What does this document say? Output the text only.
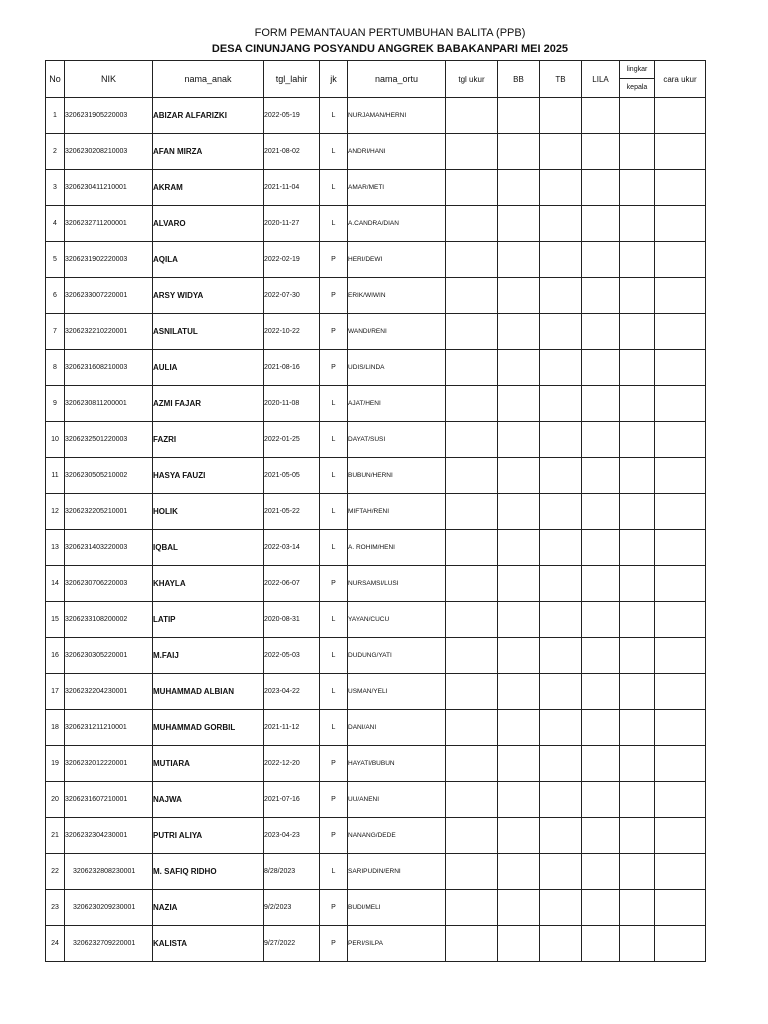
FORM PEMANTAUAN PERTUMBUHAN BALITA (PPB)
DESA CINUNJANG POSYANDU ANGGREK BABAKANPARI MEI 2025
No	NIK	nama_anak	tgl_lahir	jk	nama_ortu	tgl ukur	BB	TB	LILA	lingkar
kepala	cara ukur
1	3206231905220003	ABIZAR ALFARIZKI	2022-05-19	L	NURJAMAN/HERNI						
2	3206230208210003	AFAN MIRZA	2021-08-02	L	ANDRI/HANI						
3	3206230411210001	AKRAM	2021-11-04	L	AMAR/METI						
4	3206232711200001	ALVARO	2020-11-27	L	A.CANDRA/DIAN						
5	3206231902220003	AQILA	2022-02-19	P	HERI/DEWI						
6	3206233007220001	ARSY WIDYA	2022-07-30	P	ERIK/WIWIN						
7	3206232210220001	ASNILATUL	2022-10-22	P	WANDI/RENI						
8	3206231608210003	AULIA	2021-08-16	P	UDIS/LINDA						
9	3206230811200001	AZMI FAJAR	2020-11-08	L	AJAT/HENI						
10	3206232501220003	FAZRI	2022-01-25	L	DAYAT/SUSI						
11	3206230505210002	HASYA FAUZI	2021-05-05	L	BUBUN/HERNI						
12	3206232205210001	HOLIK	2021-05-22	L	MIFTAH/RENI						
13	3206231403220003	IQBAL	2022-03-14	L	A. ROHIM/HENI						
14	3206230706220003	KHAYLA	2022-06-07	P	NURSAMSI/LUSI						
15	3206233108200002	LATIP	2020-08-31	L	YAYAN/CUCU						
16	3206230305220001	M.FAIJ	2022-05-03	L	DUDUNG/YATI						
17	3206232204230001	MUHAMMAD ALBIAN	2023-04-22	L	USMAN/YELI						
18	3206231211210001	MUHAMMAD GORBIL	2021-11-12	L	DANI/ANI						
19	3206232012220001	MUTIARA	2022-12-20	P	HAYATI/BUBUN						
20	3206231607210001	NAJWA	2021-07-16	P	UU/ANENI						
21	3206232304230001	PUTRI ALIYA	2023-04-23	P	NANANG/DEDE						
22	3206232808230001	M. SAFIQ RIDHO	8/28/2023	L	SARIPUDIN/ERNI						
23	3206230209230001	NAZIA	9/2/2023	P	BUDI/MELI						
24	3206232709220001	KALISTA	9/27/2022	P	PERI/SILPA						
